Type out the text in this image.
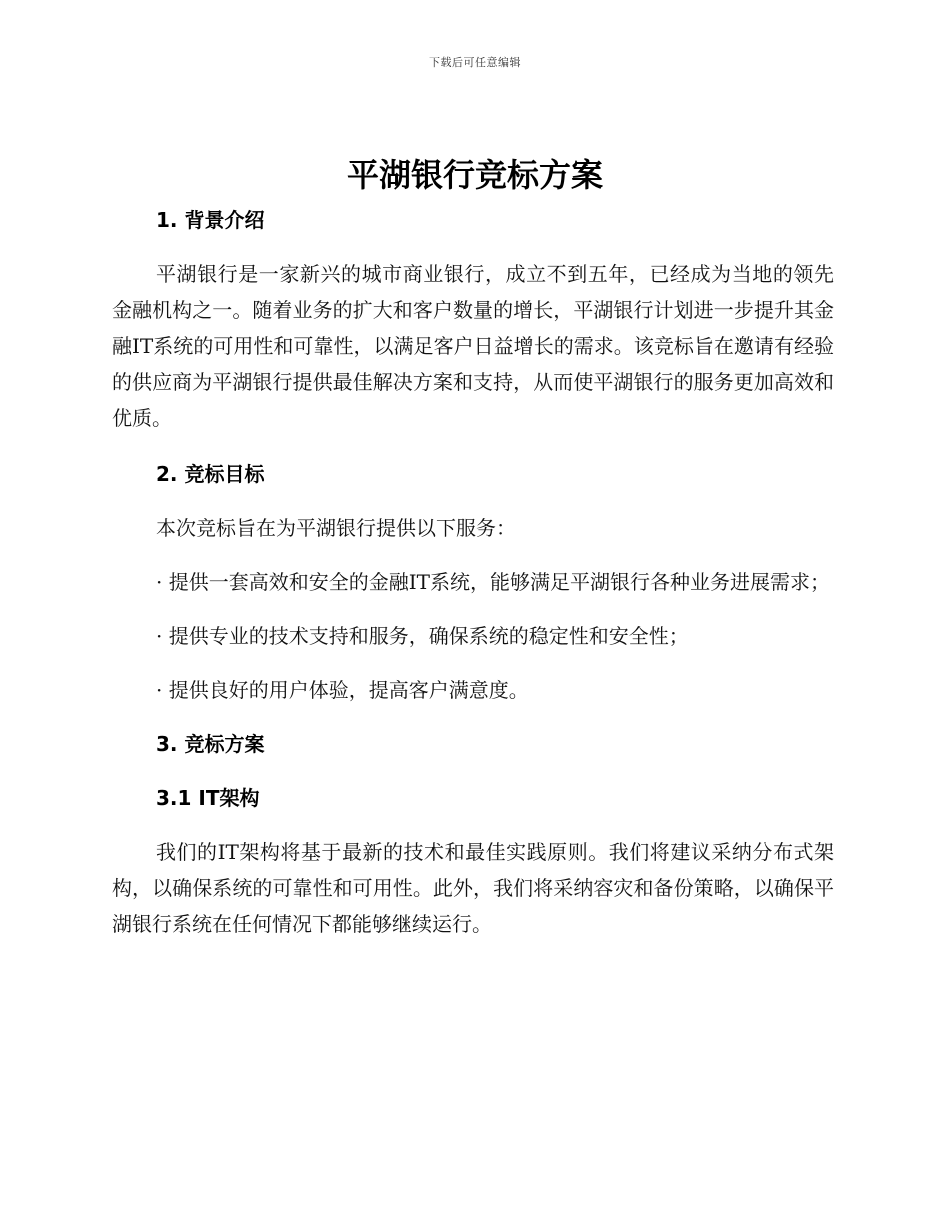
下载后可任意编辑
平湖银行竞标方案
1. 背景介绍

平湖银行是一家新兴的城市商业银行，成立不到五年，已经成为当地的领先金融机构之一。随着业务的扩大和客户数量的增长，平湖银行计划进一步提升其金融IT系统的可用性和可靠性，以满足客户日益增长的需求。该竞标旨在邀请有经验的供应商为平湖银行提供最佳解决方案和支持，从而使平湖银行的服务更加高效和优质。

2. 竞标目标

本次竞标旨在为平湖银行提供以下服务：

· 提供一套高效和安全的金融IT系统，能够满足平湖银行各种业务进展需求；

· 提供专业的技术支持和服务，确保系统的稳定性和安全性；

· 提供良好的用户体验，提高客户满意度。

3. 竞标方案
3.1 IT架构

我们的IT架构将基于最新的技术和最佳实践原则。我们将建议采纳分布式架构，以确保系统的可靠性和可用性。此外，我们将采纳容灾和备份策略，以确保平湖银行系统在任何情况下都能够继续运行。
